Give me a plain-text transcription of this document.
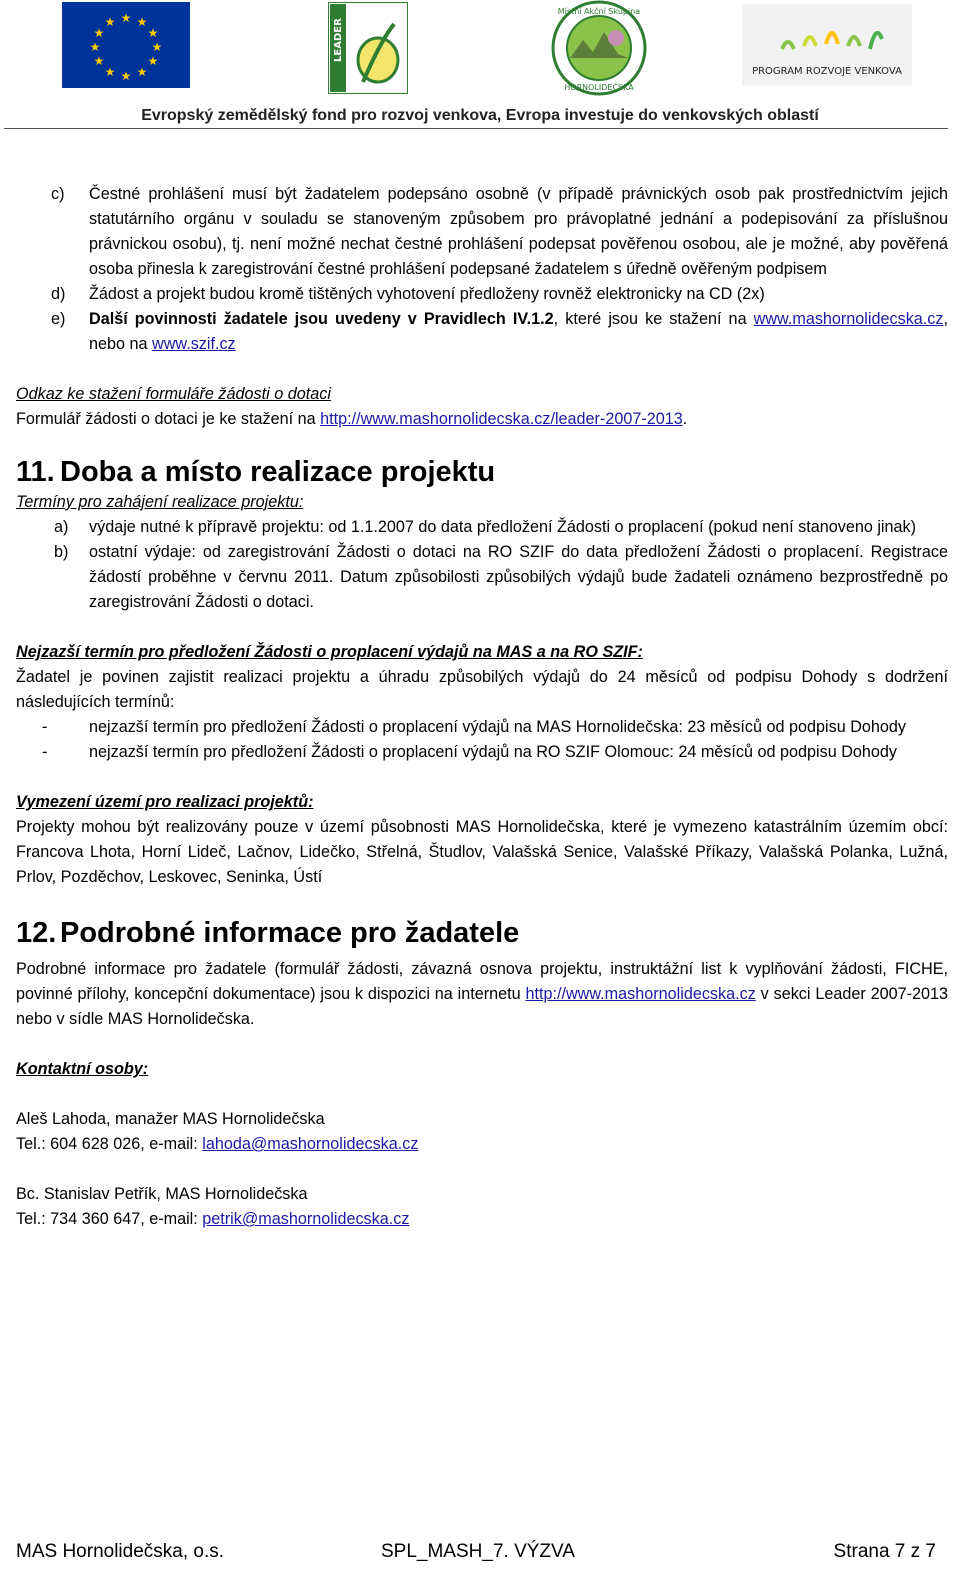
★ ★
★
★
★
★
★
★
★
★
★
★	LEADER
Místní Akční Skupina
HORNOLIDEČSKA
PROGRAM ROZVOJE VENKOVA
Evropský zemědělský fond pro rozvoj venkova, Evropa investuje do venkovských oblastí
c) Čestné prohlášení musí být žadatelem podepsáno osobně (v případě právnických osob pak prostřednictvím jejich statutárního orgánu v souladu se stanoveným způsobem pro právoplatné jednání a podepisování za příslušnou právnickou osobu), tj. není možné nechat čestné prohlášení podepsat pověřenou osobou, ale je možné, aby pověřená osoba přinesla k zaregistrování čestné prohlášení podepsané žadatelem s úředně ověřeným podpisem
d) Žádost a projekt budou kromě tištěných vyhotovení předloženy rovněž elektronicky na CD (2x)
e) Další povinnosti žadatele jsou uvedeny v Pravidlech IV.1.2, které jsou ke stažení na www.mashornolidecska.cz, nebo na www.szif.cz
Odkaz ke stažení formuláře žádosti o dotaci
Formulář žádosti o dotaci je ke stažení na http://www.mashornolidecska.cz/leader-2007-2013.
11. Doba a místo realizace projektu
Termíny pro zahájení realizace projektu:
a) výdaje nutné k přípravě projektu: od 1.1.2007 do data předložení Žádosti o proplacení (pokud není stanoveno jinak)
b) ostatní výdaje: od zaregistrování Žádosti o dotaci na RO SZIF do data předložení Žádosti o proplacení. Registrace žádostí proběhne v červnu 2011. Datum způsobilosti způsobilých výdajů bude žadateli oznámeno bezprostředně po zaregistrování Žádosti o dotaci.
Nejzazší termín pro předložení Žádosti o proplacení výdajů na MAS a na RO SZIF:
Žadatel je povinen zajistit realizaci projektu a úhradu způsobilých výdajů do 24 měsíců od podpisu Dohody s dodržení následujících termínů:
-	nejzazší termín pro předložení Žádosti o proplacení výdajů na MAS Hornolidečska: 23 měsíců od podpisu Dohody
-	nejzazší termín pro předložení Žádosti o proplacení výdajů na RO SZIF Olomouc: 24 měsíců od podpisu Dohody
Vymezení území pro realizaci projektů:
Projekty mohou být realizovány pouze v území působnosti MAS Hornolidečska, které je vymezeno katastrálním územím obcí: Francova Lhota, Horní Lideč, Lačnov, Lidečko, Střelná, Študlov, Valašská Senice, Valašské Příkazy, Valašská Polanka, Lužná, Prlov, Pozděchov, Leskovec, Seninka, Ústí
12. Podrobné informace pro žadatele
Podrobné informace pro žadatele (formulář žádosti, závazná osnova projektu, instruktážní list k vyplňování žádosti, FICHE, povinné přílohy, koncepční dokumentace) jsou k dispozici na internetu http://www.mashornolidecska.cz v sekci Leader 2007-2013 nebo v sídle MAS Hornolidečska.
Kontaktní osoby:
Aleš Lahoda, manažer MAS Hornolidečska
Tel.: 604 628 026, e-mail: lahoda@mashornolidecska.cz
Bc. Stanislav Petřík, MAS Hornolidečska
Tel.: 734 360 647, e-mail: petrik@mashornolidecska.cz
MAS Hornolidečska, o.s.	SPL_MASH_7. VÝZVA	Strana 7 z 7
